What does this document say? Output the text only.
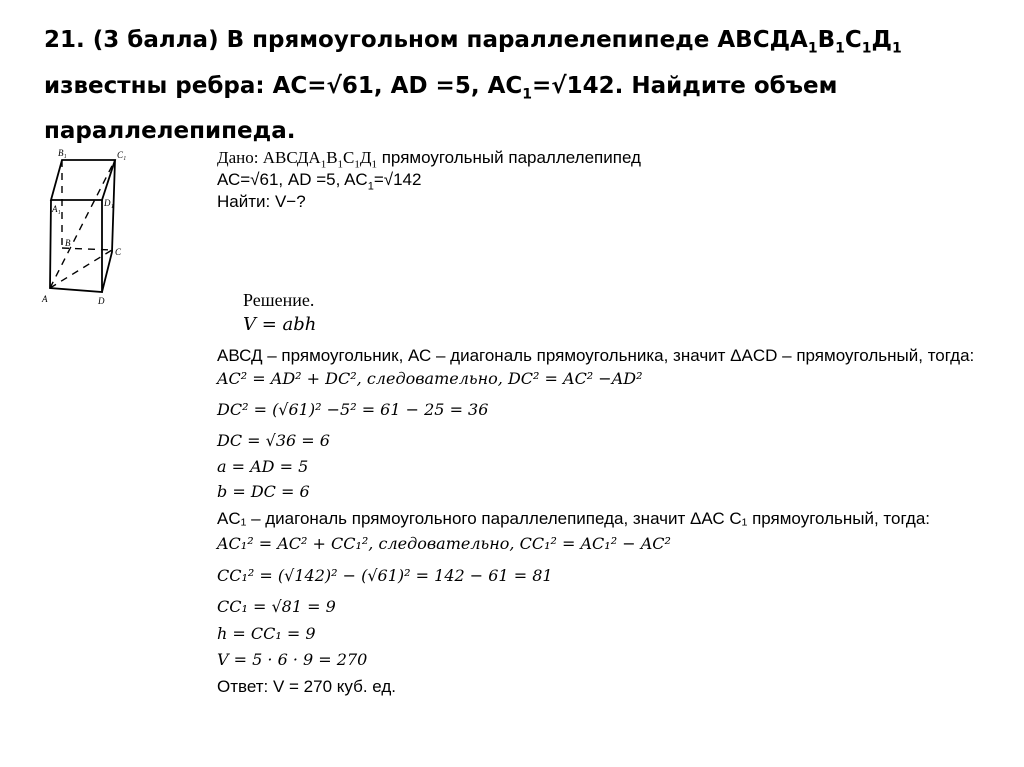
21. (3 балла) В прямоугольном параллелепипеде $АВСДА_1В_1С_1Д_1$
известны ребра: АС=√61, AD =5, $AC_1=√142$. Найдите объем
параллелепипеда.
B₁	C₁
A₁
D₁
B
C
A	D
Дано: $АВСДА_1В_1С_1Д_1$ прямоугольный параллелепипед
АС=√61, AD =5, $AC_1=√142$
Найти: V−?
Решение.
V = abh
АВСД – прямоугольник, АС – диагональ прямоугольника, значит ΔACD – прямоугольный, тогда:
AC² = AD² + DC², следовательно, DC² = AC² −AD²
DC² = (√61)² −5² = 61 − 25 = 36
DC = √36 = 6
a = AD = 5
b = DC = 6
AC₁ – диагональ прямоугольного параллелепипеда, значит ΔАС С₁ прямоугольный, тогда:
AC₁² = AC² + CC₁², следовательно, CC₁² = AC₁² − AC²
CC₁² = (√142)² − (√61)² = 142 − 61 = 81
CC₁ = √81 = 9
h = CC₁ = 9
V = 5 · 6 · 9 = 270
Ответ: V = 270 куб. ед.
